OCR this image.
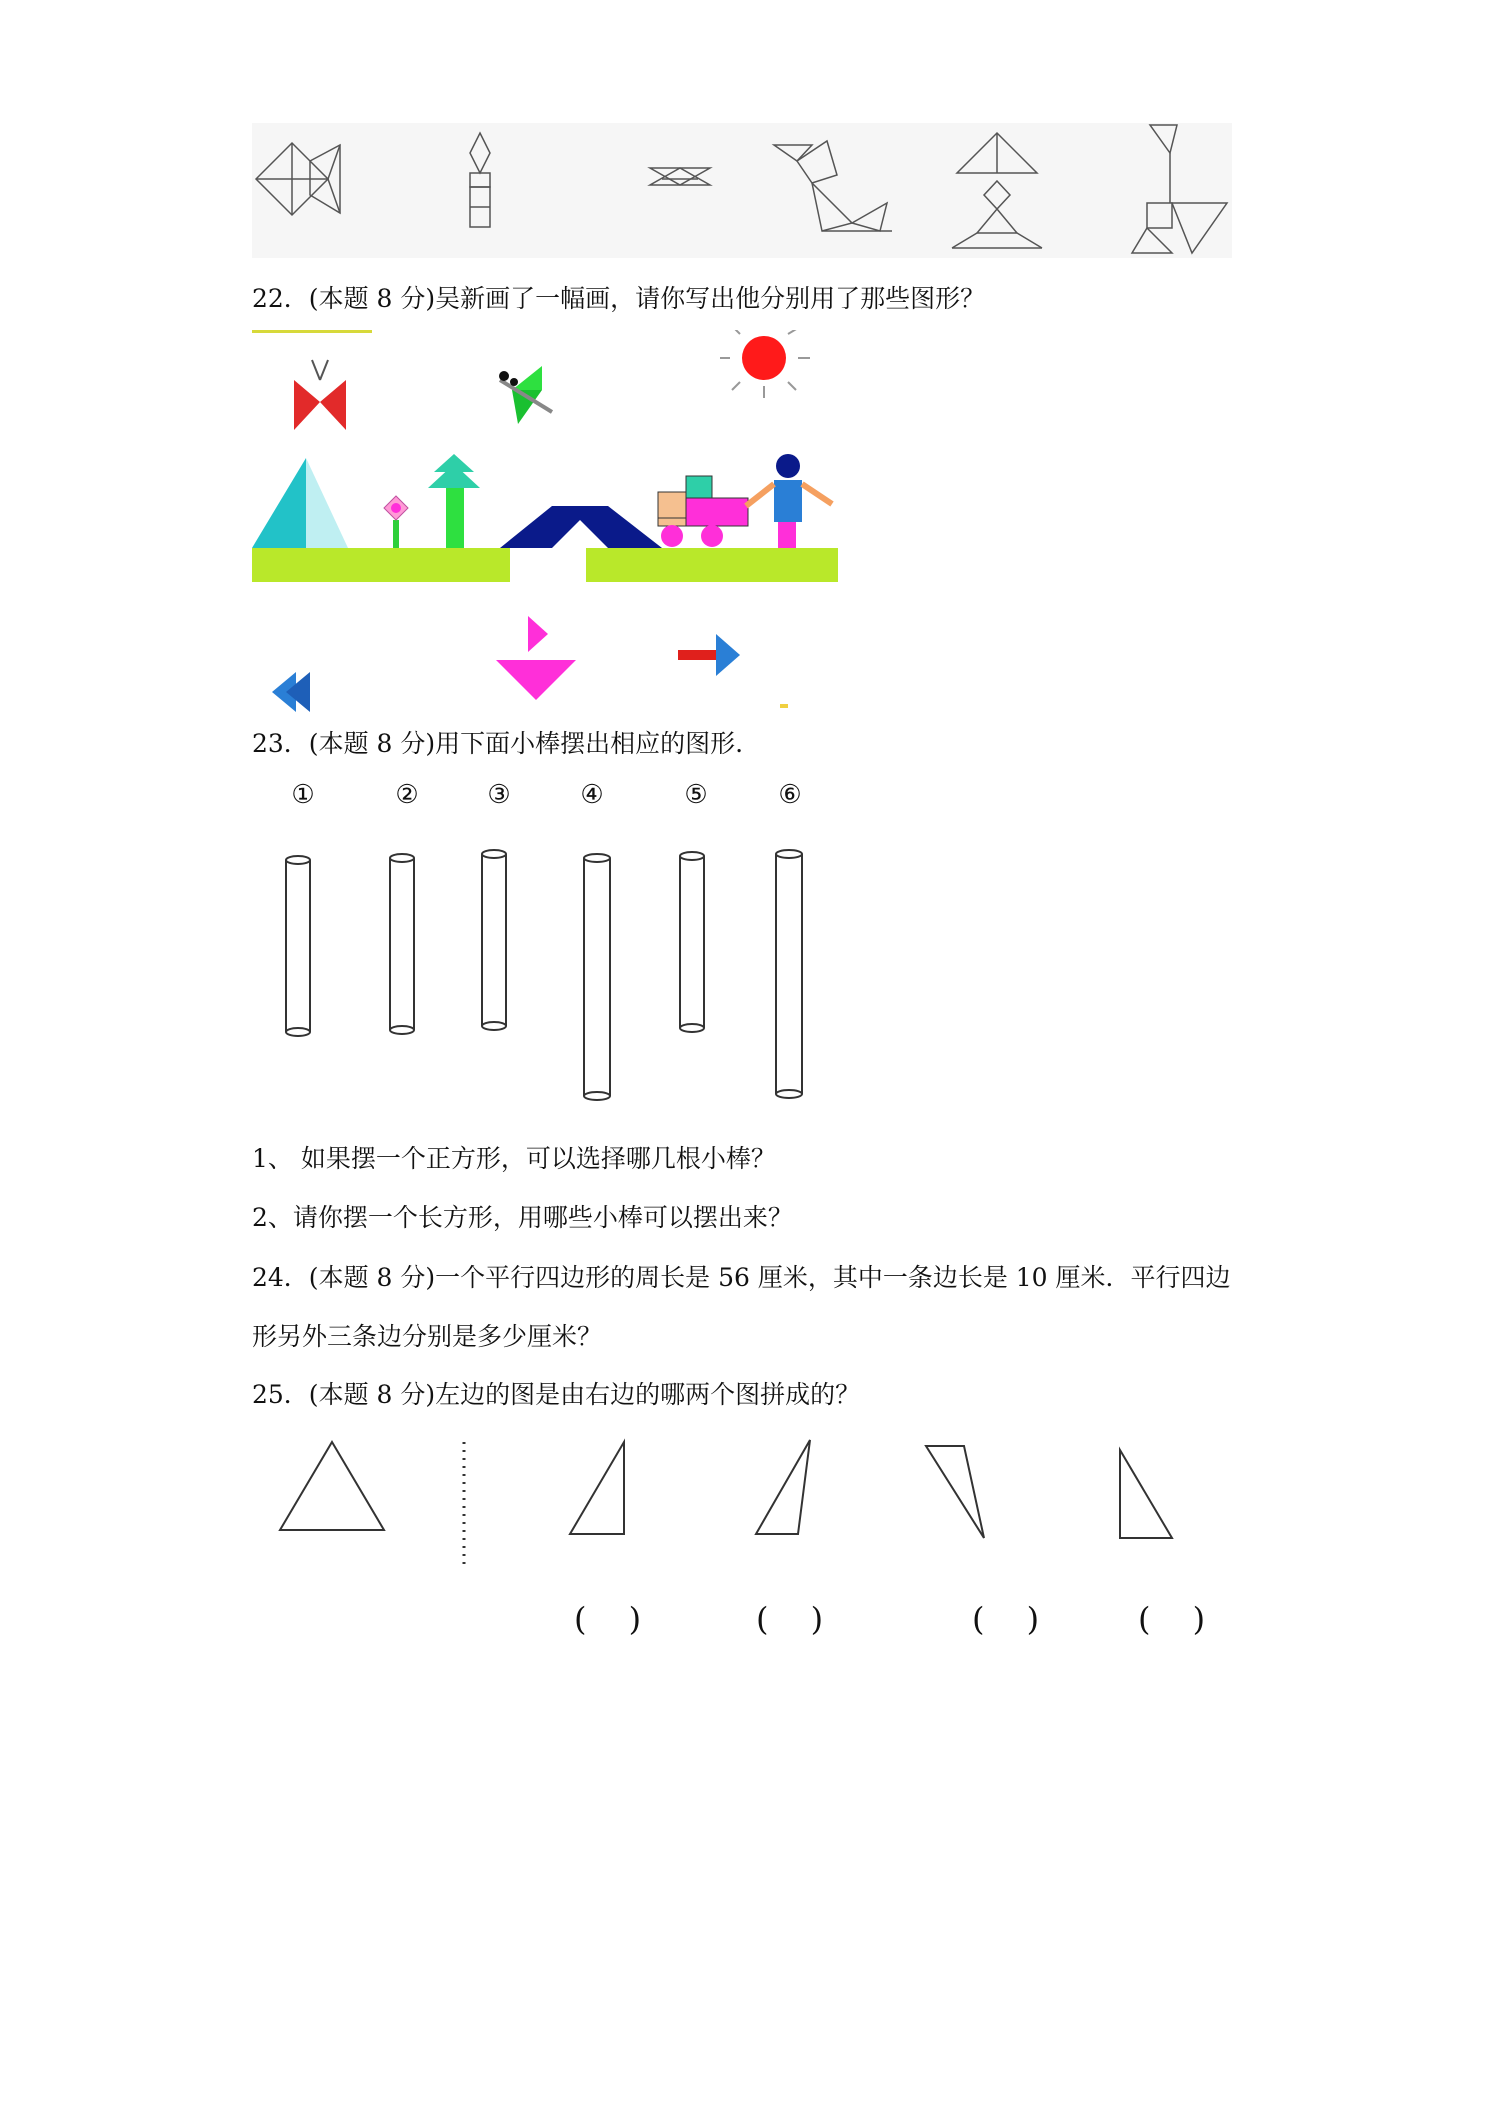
22．(本题 8 分)吴新画了一幅画，请你写出他分别用了那些图形？
23．(本题 8 分)用下面小棒摆出相应的图形.
①	②	③	④	⑤	⑥
1、 如果摆一个正方形，可以选择哪几根小棒？
2、请你摆一个长方形，用哪些小棒可以摆出来？
24．(本题 8 分)一个平行四边形的周长是 56 厘米，其中一条边长是 10 厘米．平行四边
形另外三条边分别是多少厘米？
25．(本题 8 分)左边的图是由右边的哪两个图拼成的？
( )	( )	( )	( )
